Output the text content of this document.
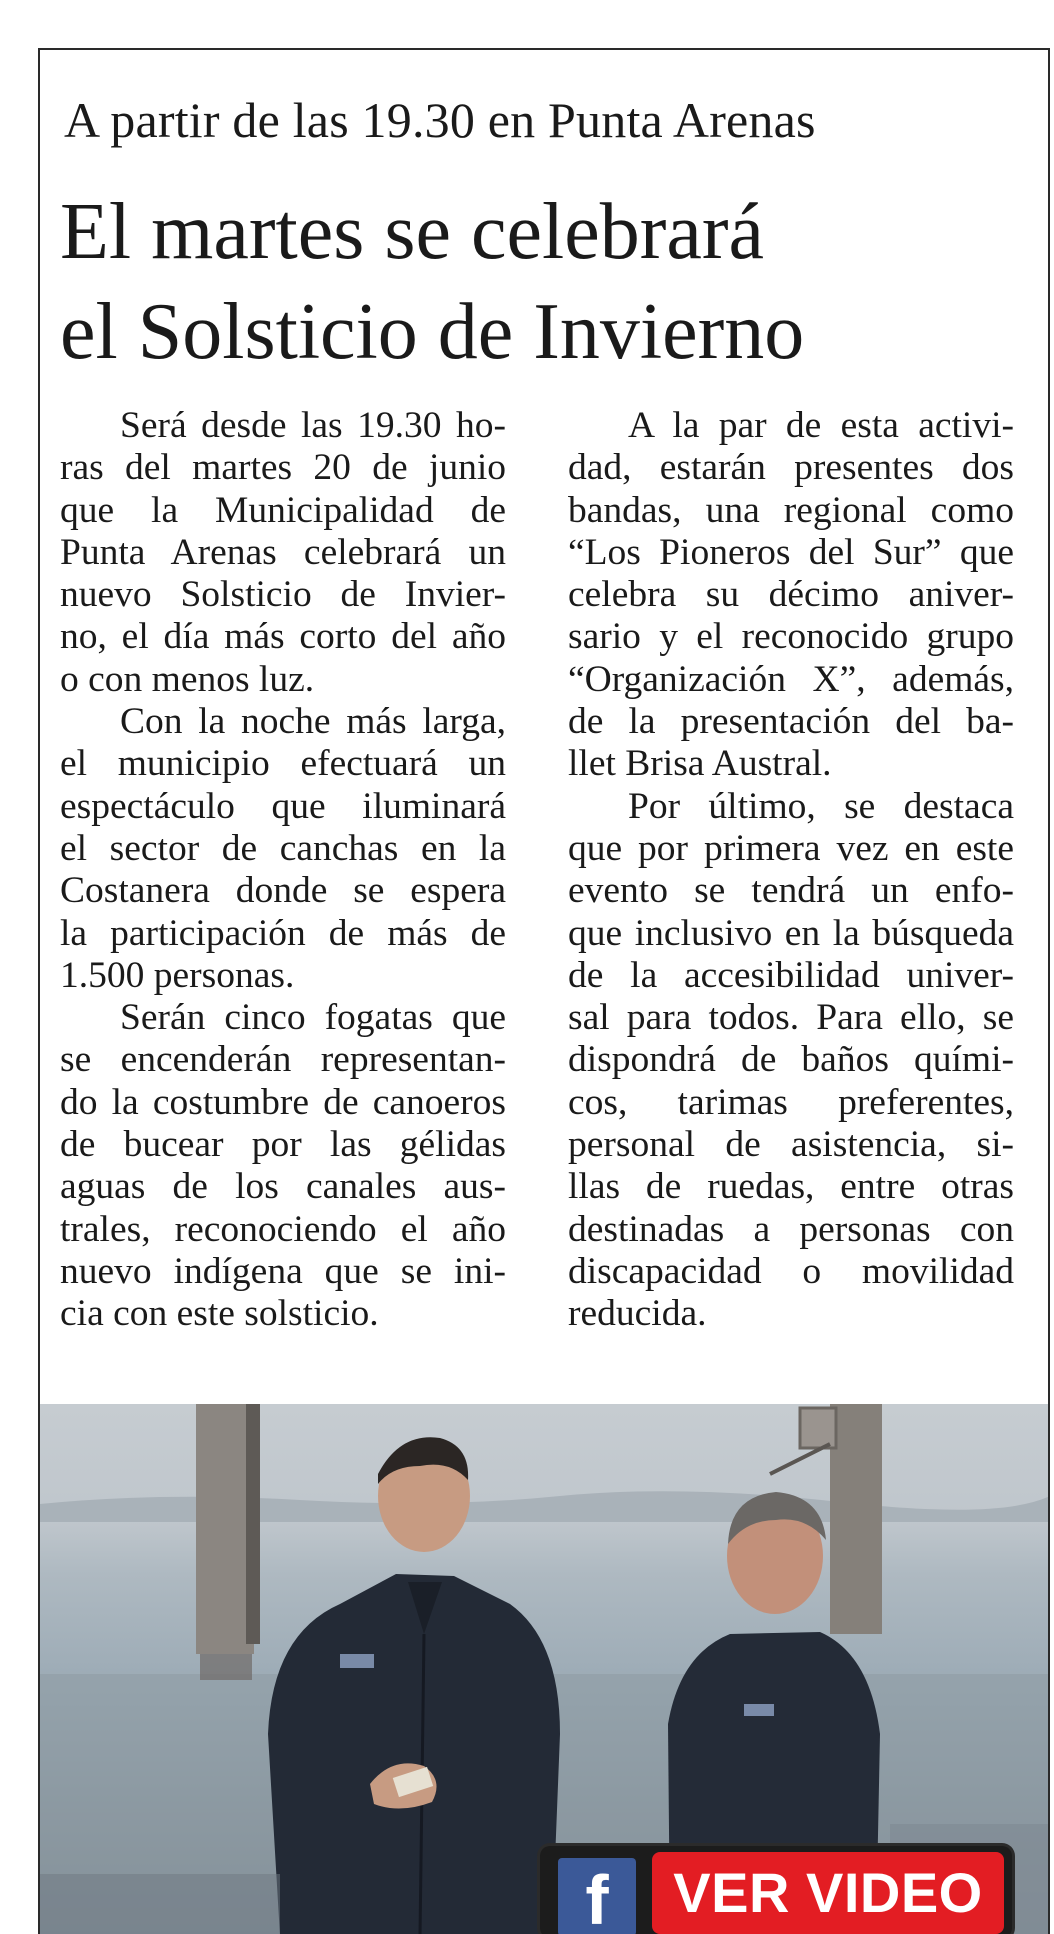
A partir de las 19.30 en Punta Arenas
El martes se celebrará
el Solsticio de Invierno
Será desde las 19.30 ho-
ras del martes 20 de junio
que la Municipalidad de
Punta Arenas celebrará un
nuevo Solsticio de Invier-
no, el día más corto del año
o con menos luz.
Con la noche más larga,
el municipio efectuará un
espectáculo que iluminará
el sector de canchas en la
Costanera donde se espera
la participación de más de
1.500 personas.
Serán cinco fogatas que
se encenderán representan-
do la costumbre de canoeros
de bucear por las gélidas
aguas de los canales aus-
trales, reconociendo el año
nuevo indígena que se ini-
cia con este solsticio.
A la par de esta activi-
dad, estarán presentes dos
bandas, una regional como
“Los Pioneros del Sur” que
celebra su décimo aniver-
sario y el reconocido grupo
“Organización X”, además,
de la presentación del ba-
llet Brisa Austral.
Por último, se destaca
que por primera vez en este
evento se tendrá un enfo-
que inclusivo en la búsqueda
de la accesibilidad univer-
sal para todos. Para ello, se
dispondrá de baños quími-
cos, tarimas preferentes,
personal de asistencia, si-
llas de ruedas, entre otras
destinadas a personas con
discapacidad o movilidad
reducida.
f	VER VIDEO
